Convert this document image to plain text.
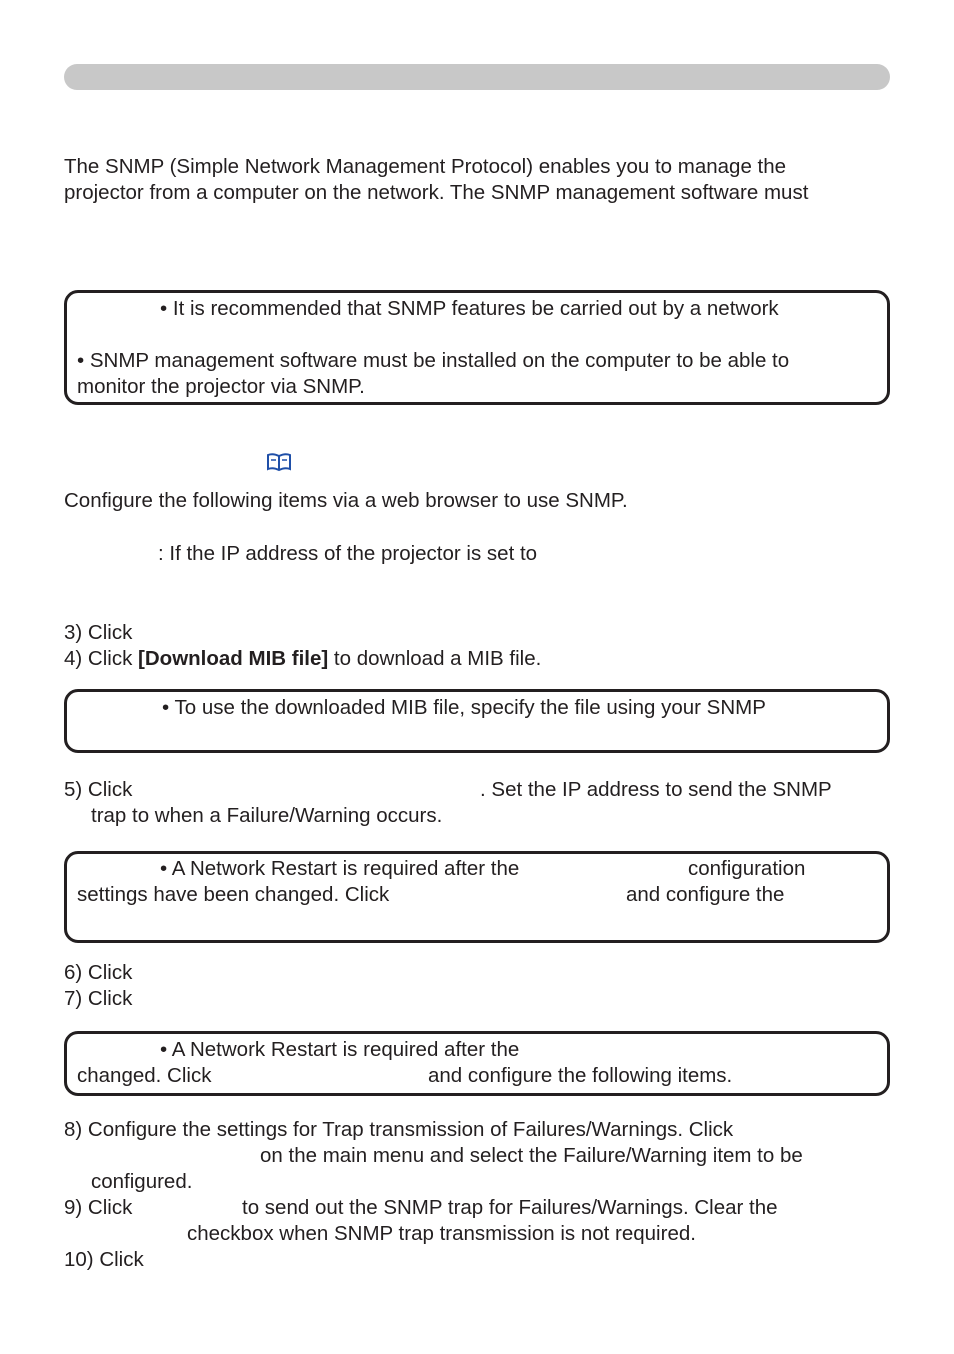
The SNMP (Simple Network Management Protocol) enables you to manage the
projector from a computer on the network. The SNMP management software must
• It is recommended that SNMP features be carried out by a network
• SNMP management software must be installed on the computer to be able to
monitor the projector via SNMP.
Configure the following items via a web browser to use SNMP.
: If the IP address of the projector is set to
3) Click
4) Click [Download MIB file] to download a MIB file.
• To use the downloaded MIB file, specify the file using your SNMP
5) Click	. Set the IP address to send the SNMP
trap to when a Failure/Warning occurs.
• A Network Restart is required after the	configuration
settings have been changed. Click	and configure the
6) Click
7) Click
• A Network Restart is required after the
changed. Click	and configure the following items.
8) Configure the settings for Trap transmission of Failures/Warnings. Click
on the main menu and select the Failure/Warning item to be
configured.
9) Click	to send out the SNMP trap for Failures/Warnings. Clear the
checkbox when SNMP trap transmission is not required.
10) Click
